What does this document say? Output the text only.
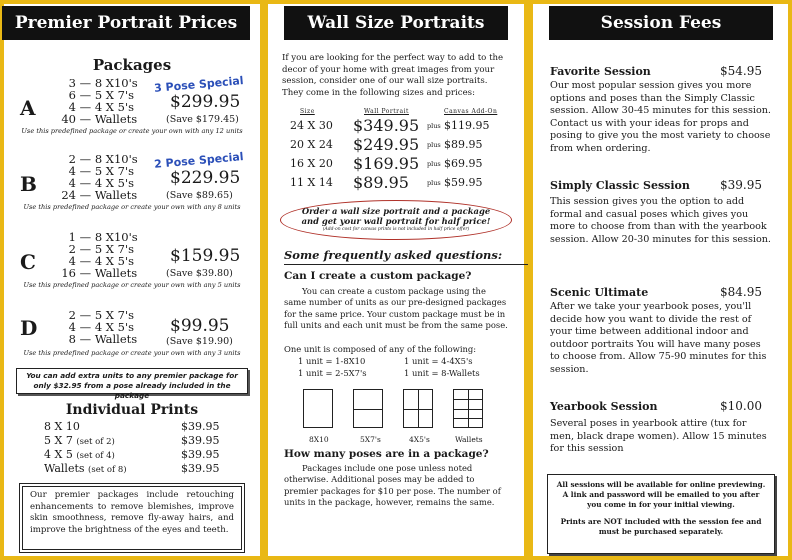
Premier Portrait Prices
Packages
A
3 — 8 X10's
6 — 5 X 7's
4 — 4 X 5's
40 — Wallets
3 Pose Special
$299.95
(Save $179.45)
Use this predefined package or create your own with any 12 units
B
2 — 8 X10's
4 — 5 X 7's
4 — 4 X 5's
24 — Wallets
2 Pose Special
$229.95
(Save $89.65)
Use this predefined package or create your own with any 8 units
C
1 — 8 X10's
2 — 5 X 7's
4 — 4 X 5's
16 — Wallets
$159.95
(Save $39.80)
Use this predefined package or create your own with any 5 units
D
2 — 5 X 7's
4 — 4 X 5's
8 — Wallets
$99.95
(Save $19.90)
Use this predefined package or create your own with any 3 units
You can add extra units to any premier package for
only $32.95 from a pose already included in the package
Individual Prints
8 X 10	$39.95
5 X 7 (set of 2)	$39.95
4 X 5 (set of 4)	$39.95
Wallets (set of 8)	$39.95
Our premier packages include retouching enhancements to remove blemishes, improve skin smoothness, remove fly-away hairs, and improve the brightness of the eyes and teeth.
Wall Size Portraits
If you are looking for the perfect way to add to the decor of your home with great images from your session, consider one of our wall size portraits. They come in the following sizes and prices:
Size	Wall Portrait	Canvas Add-On
24 X 30 $349.95 plus $119.95
20 X 24 $249.95 plus $89.95
16 X 20 $169.95 plus $69.95
11 X 14 $89.95	plus $59.95
Order a wall size portrait and a package
and get your wall portrait for half price!
(Add-on cost for canvas prints is not included in half price offer)
Some frequently asked questions:
Can I create a custom package?
You can create a custom package using the same number of units as our pre-designed packages for the same price. Your custom package must be in full units and each unit must be from the same pose.
One unit is composed of any of the following:
1 unit = 1-8X10	1 unit = 4-4X5's
1 unit = 2-5X7's	1 unit = 8-Wallets
8X10	5X7's	4X5's	Wallets
How many poses are in a package?
Packages include one pose unless noted otherwise. Additional poses may be added to premier packages for $10 per pose. The number of units in the package, however, remains the same.
Session Fees
Favorite Session	$54.95
Our most popular session gives you more options and poses than the Simply Classic session. Allow 30-45 minutes for this session. Contact us with your ideas for props and posing to give you the most variety to choose from when ordering.
Simply Classic Session	$39.95
This session gives you the option to add formal and casual poses which gives you more to choose from than with the yearbook session. Allow 20-30 minutes for this session.
Scenic Ultimate	$84.95
After we take your yearbook poses, you'll decide how you want to divide the rest of your time between additional indoor and outdoor portraits You will have many poses to choose from. Allow 75-90 minutes for this session.
Yearbook Session	$10.00
Several poses in yearbook attire (tux for men, black drape women). Allow 15 minutes for this session

All sessions will be available for online previewing. A link and password will be emailed to you after you come in for your initial viewing.

Prints are NOT included with the session fee and must be purchased separately.
